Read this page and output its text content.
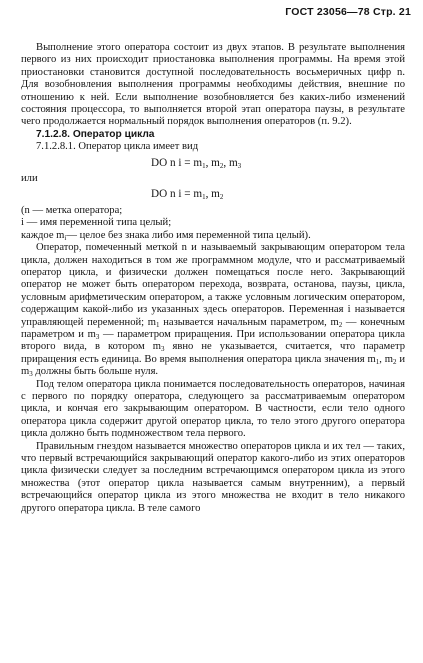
ГОСТ 23056—78 Стр. 21

Выполнение этого оператора состоит из двух этапов. В результате выполнения первого из них происходит приостановка выполнения программы. На время этой приостановки становится доступной последовательность восьмеричных цифр n. Для возобновления выполнения программы необходимы действия, внешние по отношению к ней. Если выполнение возобновляется без каких-либо изменений состояния процессора, то выполняется второй этап оператора паузы, в результате чего продолжается нормальный порядок выполнения операторов (п. 9.2).

7.1.2.8. Оператор цикла

7.1.2.8.1. Оператор цикла имеет вид

DO n $i = m_1$, $m_2$, $m_3$

или

DO n $i = m_1$, $m_2$

(n — метка оператора;

i — имя переменной типа целый;

каждое $m_i—$ целое без знака либо имя переменной типа целый).

Оператор, помеченный меткой n и называемый закрывающим оператором тела цикла, должен находиться в том же программном модуле, что и рассматриваемый оператор цикла, и физически должен помещаться после него. Закрывающий оператор не может быть оператором перехода, возврата, останова, паузы, цикла, условным арифметическим оператором, а также условным логическим оператором, содержащим какой-либо из указанных здесь операторов. Переменная i называется управляющей переменной; $m_1$ называется начальным параметром, $m_2$ — конечным параметром и $m_3$ — параметром приращения. При использовании оператора цикла второго вида, в котором $m_3$ явно не указывается, считается, что параметр приращения есть единица. Во время выполнения оператора цикла значения $m_1$, $m_2$ и $m_3$ должны быть больше нуля.

Под телом оператора цикла понимается последовательность операторов, начиная с первого по порядку оператора, следующего за рассматриваемым оператором цикла, и кончая его закрывающим оператором. В частности, если тело одного оператора цикла содержит другой оператор цикла, то тело этого другого оператора цикла должно быть подмножеством тела первого.

Правильным гнездом называется множество операторов цикла и их тел — таких, что первый встречающийся закрывающий оператор какого-либо из этих операторов цикла физически следует за последним встречающимся оператором цикла из этого множества (этот оператор цикла называется самым внутренним), а первый встречающийся оператор цикла из этого множества не входит в тело никакого другого оператора цикла. В теле самого
